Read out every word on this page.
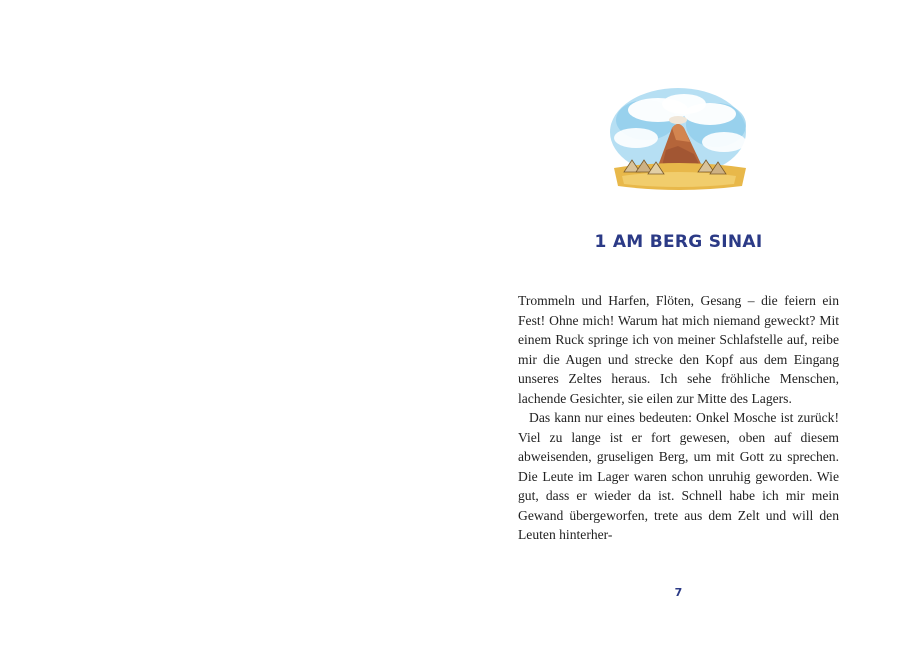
1 AM BERG SINAI

Trommeln und Harfen, Flöten, Gesang – die feiern ein Fest! Ohne mich! Warum hat mich niemand geweckt? Mit einem Ruck springe ich von meiner Schlafstelle auf, reibe mir die Augen und strecke den Kopf aus dem Eingang unseres Zeltes heraus. Ich sehe fröhliche Menschen, lachende Gesichter, sie eilen zur Mitte des Lagers.

Das kann nur eines bedeuten: Onkel Mosche ist zurück! Viel zu lange ist er fort gewesen, oben auf diesem abweisenden, gruseligen Berg, um mit Gott zu sprechen. Die Leute im Lager waren schon unruhig geworden. Wie gut, dass er wieder da ist. Schnell habe ich mir mein Gewand übergeworfen, trete aus dem Zelt und will den Leuten hinterher-

7
